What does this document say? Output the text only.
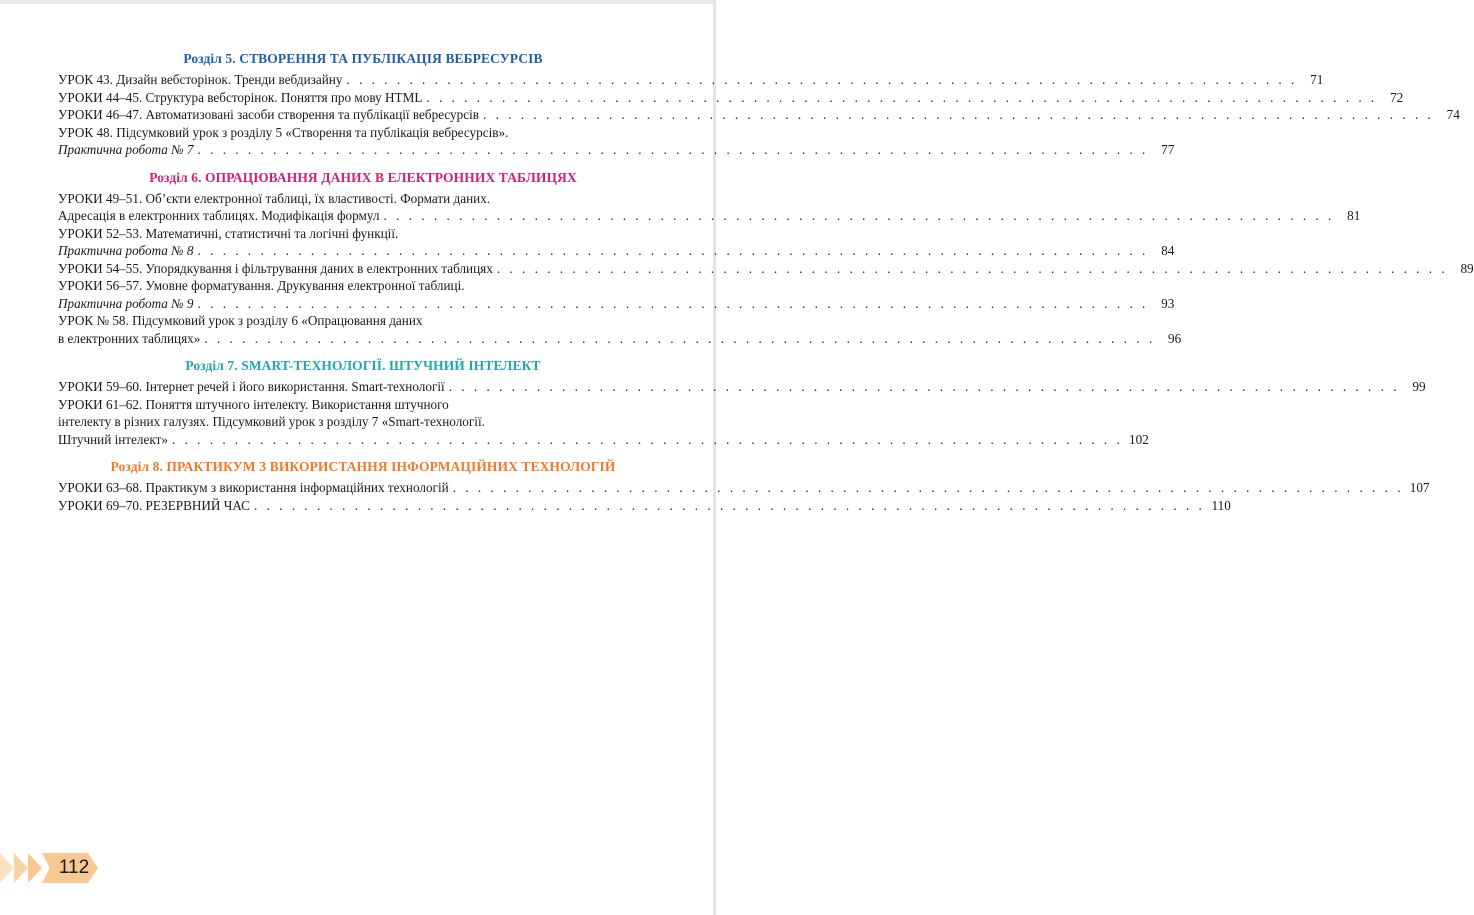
Розділ 5. СТВОРЕННЯ ТА ПУБЛІКАЦІЯ ВЕБРЕСУРСІВ
УРОК 43. Дизайн вебсторінок. Тренди вебдизайну . . . . . . . . . . . . . . . . . . . . . . . . . . . . . . . . . . . . . . . . . . . . . . . . . . . . . . . . . . . . . . . . . . . . . . . . . . . . 71
УРОКИ 44–45. Структура вебсторінок. Поняття про мову HTML . . . . . . . . . . . . . . . . . . . . . . . . . . . . . . . . . . . . . . . . . . . . . . . . . . . . . . . . . . . . . . . . . . . . . . . . . . . . 72
УРОКИ 46–47. Автоматизовані засоби створення та публікації вебресурсів . . . . . . . . . . . . . . . . . . . . . . . . . . . . . . . . . . . . . . . . . . . . . . . . . . . . . . . . . . . . . . . . . . . . . . . . . . . . 74
УРОК 48. Підсумковий урок з розділу 5 «Створення та публікація вебресурсів».
Практична робота № 7 . . . . . . . . . . . . . . . . . . . . . . . . . . . . . . . . . . . . . . . . . . . . . . . . . . . . . . . . . . . . . . . . . . . . . . . . . . . . 77
Розділ 6. ОПРАЦЮВАННЯ ДАНИХ В ЕЛЕКТРОННИХ ТАБЛИЦЯХ
УРОКИ 49–51. Об’єкти електронної таблиці, їх властивості. Формати даних.
Адресація в електронних таблицях. Модифікація формул . . . . . . . . . . . . . . . . . . . . . . . . . . . . . . . . . . . . . . . . . . . . . . . . . . . . . . . . . . . . . . . . . . . . . . . . . . . . 81
УРОКИ 52–53. Математичні, статистичні та логічні функції.
Практична робота № 8 . . . . . . . . . . . . . . . . . . . . . . . . . . . . . . . . . . . . . . . . . . . . . . . . . . . . . . . . . . . . . . . . . . . . . . . . . . . . 84
УРОКИ 54–55. Упорядкування і фільтрування даних в електронних таблицях . . . . . . . . . . . . . . . . . . . . . . . . . . . . . . . . . . . . . . . . . . . . . . . . . . . . . . . . . . . . . . . . . . . . . . . . . . . . 89
УРОКИ 56–57. Умовне форматування. Друкування електронної таблиці.
Практична робота № 9 . . . . . . . . . . . . . . . . . . . . . . . . . . . . . . . . . . . . . . . . . . . . . . . . . . . . . . . . . . . . . . . . . . . . . . . . . . . . 93
УРОК № 58. Підсумковий урок з розділу 6 «Опрацювання даних
в електронних таблицях» . . . . . . . . . . . . . . . . . . . . . . . . . . . . . . . . . . . . . . . . . . . . . . . . . . . . . . . . . . . . . . . . . . . . . . . . . . . . 96
Розділ 7. SMART-ТЕХНОЛОГІЇ. ШТУЧНИЙ ІНТЕЛЕКТ
УРОКИ 59–60. Інтернет речей і його використання. Smart-технології . . . . . . . . . . . . . . . . . . . . . . . . . . . . . . . . . . . . . . . . . . . . . . . . . . . . . . . . . . . . . . . . . . . . . . . . . . . . 99
УРОКИ 61–62. Поняття штучного інтелекту. Використання штучного
інтелекту в різних галузях. Підсумковий урок з розділу 7 «Smart-технології.
Штучний інтелект» . . . . . . . . . . . . . . . . . . . . . . . . . . . . . . . . . . . . . . . . . . . . . . . . . . . . . . . . . . . . . . . . . . . . . . . . . . . . 102
Розділ 8. ПРАКТИКУМ З ВИКОРИСТАННЯ ІНФОРМАЦІЙНИХ ТЕХНОЛОГІЙ
УРОКИ 63–68. Практикум з використання інформаційних технологій . . . . . . . . . . . . . . . . . . . . . . . . . . . . . . . . . . . . . . . . . . . . . . . . . . . . . . . . . . . . . . . . . . . . . . . . . . . . 107
УРОКИ 69–70. РЕЗЕРВНИЙ ЧАС . . . . . . . . . . . . . . . . . . . . . . . . . . . . . . . . . . . . . . . . . . . . . . . . . . . . . . . . . . . . . . . . . . . . . . . . . . . . 110
112
